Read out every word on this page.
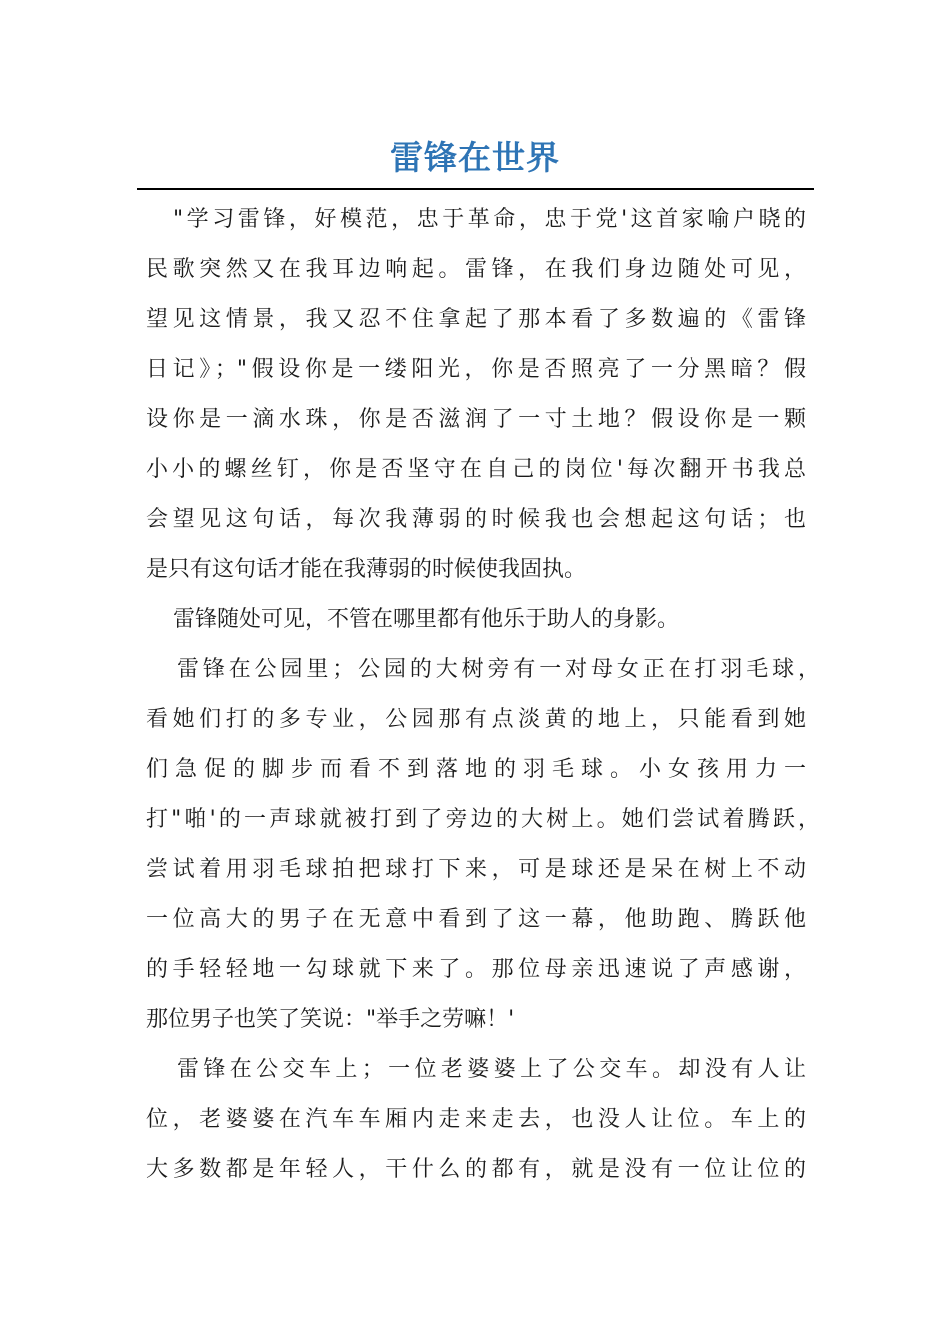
雷锋在世界
"学习雷锋，好模范，忠于革命，忠于党'这首家喻户晓的
民歌突然又在我耳边响起。雷锋，在我们身边随处可见，
望见这情景，我又忍不住拿起了那本看了多数遍的《雷锋
日记》；"假设你是一缕阳光，你是否照亮了一分黑暗？假
设你是一滴水珠，你是否滋润了一寸土地？假设你是一颗
小小的螺丝钉，你是否坚守在自己的岗位'每次翻开书我总
会望见这句话，每次我薄弱的时候我也会想起这句话；也
是只有这句话才能在我薄弱的时候使我固执。
雷锋随处可见，不管在哪里都有他乐于助人的身影。
雷锋在公园里；公园的大树旁有一对母女正在打羽毛球，
看她们打的多专业，公园那有点淡黄的地上，只能看到她
们急促的脚步而看不到落地的羽毛球。小女孩用力一
打"啪'的一声球就被打到了旁边的大树上。她们尝试着腾跃，
尝试着用羽毛球拍把球打下来，可是球还是呆在树上不动
一位高大的男子在无意中看到了这一幕，他助跑、腾跃他
的手轻轻地一勾球就下来了。那位母亲迅速说了声感谢，
那位男子也笑了笑说："举手之劳嘛！'
雷锋在公交车上；一位老婆婆上了公交车。却没有人让
位，老婆婆在汽车车厢内走来走去，也没人让位。车上的
大多数都是年轻人，干什么的都有，就是没有一位让位的
